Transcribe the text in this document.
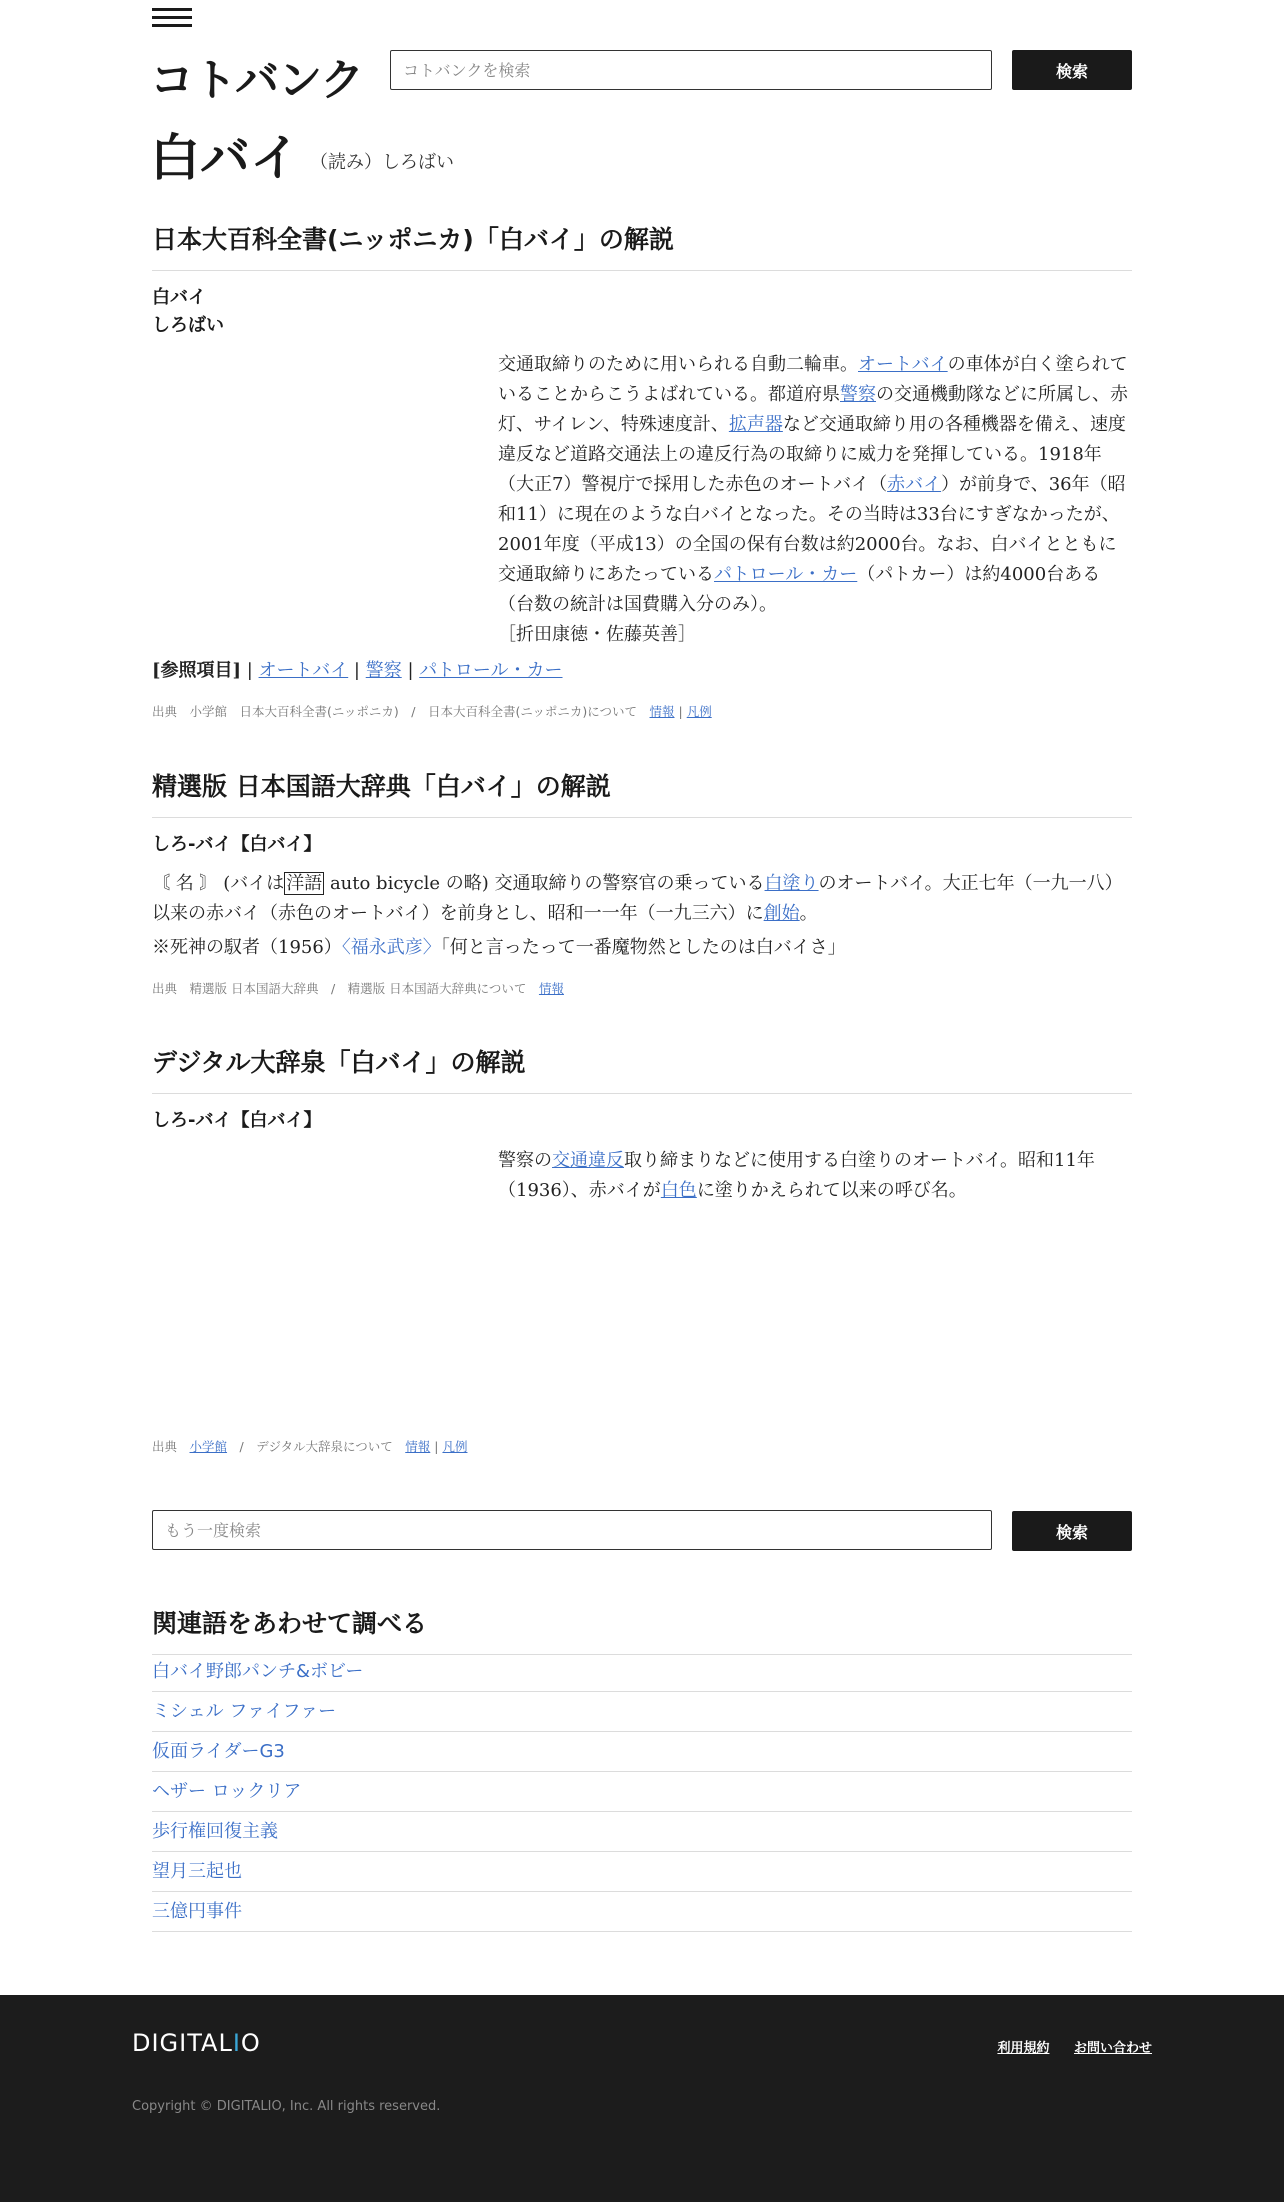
コトバンク
コトバンクを検索	検索
白バイ （読み）しろばい
日本大百科全書(ニッポニカ)「白バイ」の解説
白バイ
しろばい
交通取締りのために用いられる自動二輪車。オートバイの車体が白く塗られていることからこうよばれている。都道府県警察の交通機動隊などに所属し、赤灯、サイレン、特殊速度計、拡声器など交通取締り用の各種機器を備え、速度違反など道路交通法上の違反行為の取締りに威力を発揮している。1918年（大正7）警視庁で採用した赤色のオートバイ（赤バイ）が前身で、36年（昭和11）に現在のような白バイとなった。その当時は33台にすぎなかったが、2001年度（平成13）の全国の保有台数は約2000台。なお、白バイとともに交通取締りにあたっているパトロール・カー（パトカー）は約4000台ある（台数の統計は国費購入分のみ）。
［折田康徳・佐藤英善］
[参照項目] | オートバイ | 警察 | パトロール・カー
出典　小学館　日本大百科全書(ニッポニカ)　/　日本大百科全書(ニッポニカ)について　 情報 | 凡例
精選版 日本国語大辞典「白バイ」の解説
しろ‐バイ【白バイ】
〘 名 〙 (バイは 洋語 auto bicycle の略) 交通取締りの警察官の乗っている白塗りのオートバイ。大正七年（一九一八）以来の赤バイ（赤色のオートバイ）を前身とし、昭和一一年（一九三六）に創始。
※死神の馭者（1956）〈福永武彦〉「何と言ったって一番魔物然としたのは白バイさ」
出典　精選版 日本国語大辞典　/　精選版 日本国語大辞典について　 情報
デジタル大辞泉「白バイ」の解説
しろ‐バイ【白バイ】
警察の交通違反取り締まりなどに使用する白塗りのオートバイ。昭和11年（1936）、赤バイが白色に塗りかえられて以来の呼び名。
出典　小学館　/　デジタル大辞泉について　 情報 | 凡例
もう一度検索
検索
関連語をあわせて調べる
白バイ野郎パンチ&ボビー
ミシェル ファイファー
仮面ライダーG3
ヘザー ロックリア
歩行権回復主義
望月三起也
三億円事件
DIGITALIO	利用規約 お問い合わせ
Copyright © DIGITALIO, Inc. All rights reserved.
